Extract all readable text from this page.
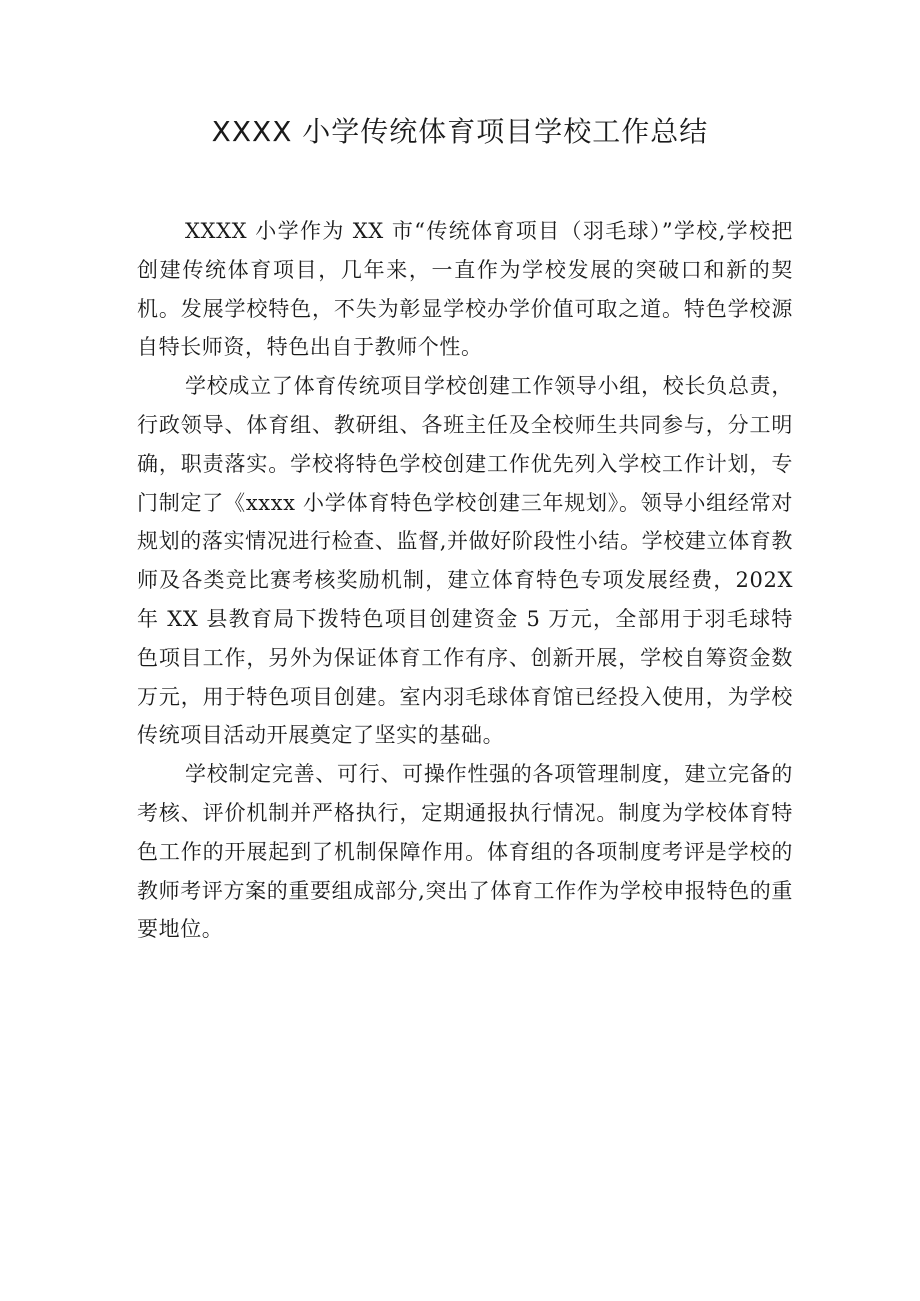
XXXX 小学传统体育项目学校工作总结

XXXX 小学作为 XX 市“传统体育项目（羽毛球）”学校,学校把创建传统体育项目，几年来，一直作为学校发展的突破口和新的契机。发展学校特色，不失为彰显学校办学价值可取之道。特色学校源自特长师资，特色出自于教师个性。

学校成立了体育传统项目学校创建工作领导小组，校长负总责，行政领导、体育组、教研组、各班主任及全校师生共同参与，分工明确，职责落实。学校将特色学校创建工作优先列入学校工作计划，专门制定了《xxxx 小学体育特色学校创建三年规划》。领导小组经常对规划的落实情况进行检查、监督,并做好阶段性小结。学校建立体育教师及各类竞比赛考核奖励机制，建立体育特色专项发展经费，202X 年 XX 县教育局下拨特色项目创建资金 5 万元，全部用于羽毛球特色项目工作，另外为保证体育工作有序、创新开展，学校自筹资金数万元，用于特色项目创建。室内羽毛球体育馆已经投入使用，为学校传统项目活动开展奠定了坚实的基础。

学校制定完善、可行、可操作性强的各项管理制度，建立完备的考核、评价机制并严格执行，定期通报执行情况。制度为学校体育特色工作的开展起到了机制保障作用。体育组的各项制度考评是学校的教师考评方案的重要组成部分,突出了体育工作作为学校申报特色的重要地位。
